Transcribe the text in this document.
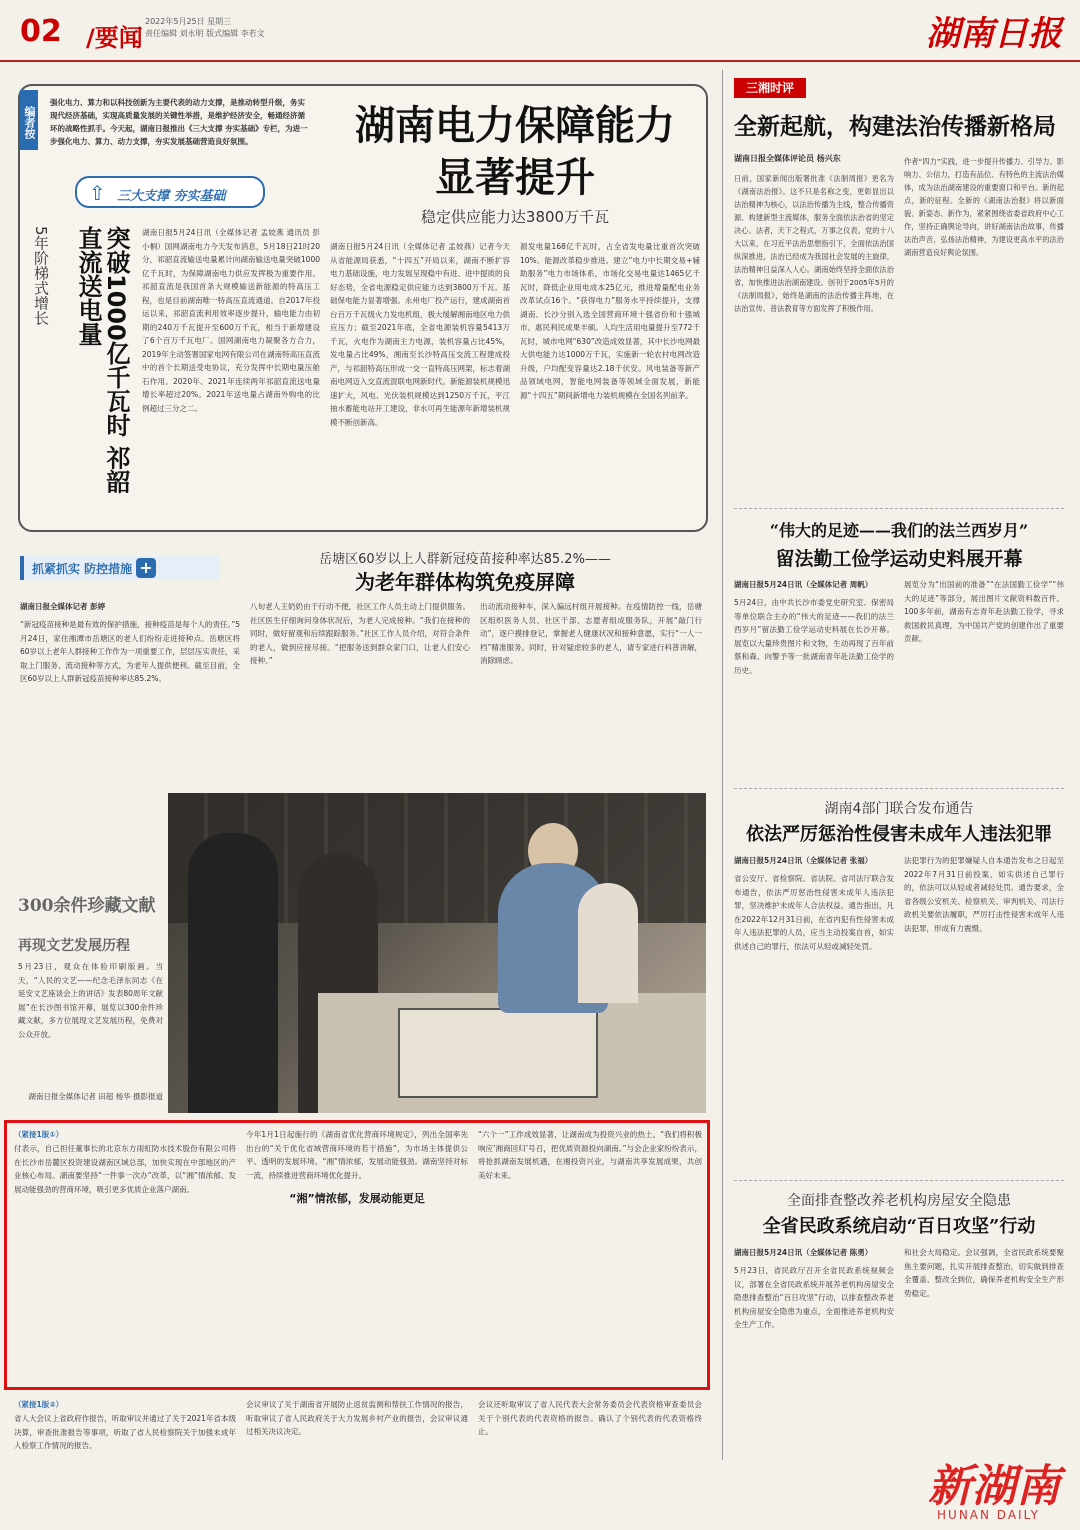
02 /要闻
2022年5月25日 星期三
责任编辑 刘永明 版式编辑 李若文	湖南日报
编者按
强化电力、算力和以科技创新为主要代表的动力支撑，是推动转型升级，务实现代经济基础，实现高质量发展的关键性举措，是维护经济安全，畅通经济循环的战略性抓手。今天起，湖南日报推出《三大支撑 夯实基础》专栏，为进一步强化电力、算力、动力支撑，夯实发展基础营造良好氛围。	湖南电力保障能力
显著提升
稳定供应能力达3800万千瓦
⇧ 三大支撑 夯实基础
突破1000亿千瓦时 祁韶直流送电量
5年阶梯式增长	湖南日报5月24日讯（全媒体记者 孟姣燕 通讯员 彭小桐）国网湖南电力今天发布消息，5月18日21时20分，祁韶直流输送电量累计向湖南输送电量突破1000亿千瓦时，为保障湖南电力供应发挥极为重要作用。祁韶直流是我国首条大规模输送新能源的特高压工程，也是目前湖南唯一特高压直流通道。自2017年投运以来，祁韶直流利用效率逐步提升，输电能力由初期的240万千瓦提升至600万千瓦，相当于新增建设了6个百万千瓦电厂。国网湖南电力凝聚各方合力，2019年主动签署国家电网有限公司在湖南特高压直流中的首个长期送受电协议，充分发挥中长期电量压舱石作用。2020年、2021年连续两年祁韶直流送电量增长率超过20%。2021年送电量占湖南外购电的比例超过三分之二。
湖南日报5月24日讯（全媒体记者 孟姣燕）记者今天从省能源局获悉，“十四五”开局以来，湖南不断扩容电力基础设施，电力发展呈现稳中有进、进中提质的良好态势，全省电源稳定供应能力达到3800万千瓦。基础保电能力显著增强。永州电厂投产运行，建成湖南首台百万千瓦级火力发电机组，极大缓解湘南地区电力供应压力；截至2021年底，全省电源装机容量5413万千瓦，火电作为湖南主力电源，装机容量占比45%，发电量占比49%，湘南至长沙特高压交流工程建成投产，与祁韶特高压形成一交一直特高压网架，标志着湖南电网迈入交直流混联电网新时代。新能源装机规模迅速扩大，风电、光伏装机规模达到1250万千瓦，平江抽水蓄能电站开工建设，非水可再生能源年新增装机规模不断创新高。
源发电量168亿千瓦时，占全省发电量比重首次突破10%。能源改革稳步推进。建立“电力中长期交易+辅助服务”电力市场体系，市场化交易电量达1465亿千瓦时，降低企业用电成本25亿元，推进增量配电业务改革试点16个。“获得电力”服务水平持续提升，支撑湖南、长沙分别入选全国营商环境十强省份和十强城市。惠民利民成果丰硕。人均生活用电量提升至772千瓦时，城市电网“630”改造成效显著，其中长沙电网最大供电能力达1000万千瓦，实施新一轮农村电网改造升级，户均配变容量达2.18千伏安。风电装备等新产品领域电网，智能电网装备等领域全面发展，新能源“十四五”期间新增电力装机规模在全国名列前茅。
三湘时评
全新起航，构建法治传播新格局
湖南日报全媒体评论员 杨兴东
日前，国家新闻出版署批准《法制周报》更名为《湖南法治报》。这不只是名称之变，更彰显出以法治精神为核心，以法治传播为主线，整合传播资源、构建新型主流媒体，服务全面依法治省的坚定决心。法者，天下之程式，万事之仪表。党的十八大以来，在习近平法治思想指引下，全面依法治国纵深推进，法治已经成为我国社会发展的主旋律，法治精神日益深入人心。湖南始终坚持全面依法治省，加快推进法治湖南建设。创刊于2005年5月的《法制周报》，始终是湖南的法治传播主阵地，在法治宣传、普法教育等方面发挥了积极作用。
作者“四力”实践，进一步提升传播力、引导力、影响力、公信力，打造有品位、有特色的主流法治媒体，成为法治湖南建设的重要窗口和平台。新的起点，新的征程。全新的《湖南法治报》将以新面貌、新姿态、新作为，紧紧围绕省委省政府中心工作，坚持正确舆论导向，讲好湖南法治故事，传播法治声音，弘扬法治精神，为建设更高水平的法治湖南营造良好舆论氛围。
“伟大的足迹——我们的法兰西岁月”
留法勤工俭学运动史料展开幕
湖南日报5月24日讯（全媒体记者 周帆）
5月24日，由中共长沙市委党史研究室、保密局等单位联合主办的“伟大的足迹——我们的法兰西岁月”留法勤工俭学运动史料展在长沙开幕。展览以大量珍贵图片和文物，生动再现了百年前蔡和森、向警予等一批湖南青年赴法勤工俭学的历史。
展览分为“出国前的准备”“在法国勤工俭学”“伟大的足迹”等部分，展出图片文献资料数百件。100多年前，湖南有志青年赴法勤工俭学，寻求救国救民真理，为中国共产党的创建作出了重要贡献。
湖南4部门联合发布通告
依法严厉惩治性侵害未成年人违法犯罪
湖南日报5月24日讯（全媒体记者 张福）
省公安厅、省检察院、省法院、省司法厅联合发布通告，依法严厉惩治性侵害未成年人违法犯罪，坚决维护未成年人合法权益。通告指出，凡在2022年12月31日前，在省内犯有性侵害未成年人违法犯罪的人员，应当主动投案自首，如实供述自己的罪行，依法可从轻或减轻处罚。
法犯罪行为的犯罪嫌疑人自本通告发布之日起至2022年7月31日前投案，如实供述自己罪行的，依法可以从轻或者减轻处罚。通告要求，全省各级公安机关、检察机关、审判机关、司法行政机关要依法履职，严厉打击性侵害未成年人违法犯罪，形成有力震慑。
全面排查整改养老机构房屋安全隐患
全省民政系统启动“百日攻坚”行动
湖南日报5月24日讯（全媒体记者 陈勇）
5月23日，省民政厅召开全省民政系统视频会议，部署在全省民政系统开展养老机构房屋安全隐患排查整治“百日攻坚”行动，以排查整改养老机构房屋安全隐患为重点，全面推进养老机构安全生产工作。
和社会大局稳定。会议强调，全省民政系统要聚焦主要问题，扎实开展排查整治，切实做到排查全覆盖、整改全到位，确保养老机构安全生产形势稳定。
抓紧抓实 防控措施 +	岳塘区60岁以上人群新冠疫苗接种率达85.2%——
为老年群体构筑免疫屏障
湖南日报全媒体记者 彭婷
“新冠疫苗接种是最有效的保护措施，接种疫苗是每个人的责任。”5月24日，家住湘潭市岳塘区的老人们纷纷走进接种点。岳塘区将60岁以上老年人群接种工作作为一项重要工作，层层压实责任，采取上门服务、流动接种等方式，为老年人提供便利。截至目前，全区60岁以上人群新冠疫苗接种率达85.2%。
八旬老人王奶奶由于行动不便，社区工作人员主动上门提供服务。社区医生仔细询问身体状况后，为老人完成接种。“我们在接种的同时，做好留观和后续跟踪服务。”社区工作人员介绍，对符合条件的老人，做到应接尽接。“把服务送到群众家门口，让老人们安心接种。”
出动流动接种车，深入偏远村组开展接种。在疫情防控一线，岳塘区组织医务人员、社区干部、志愿者组成服务队，开展“敲门行动”，逐户摸排登记，掌握老人健康状况和接种意愿，实行“一人一档”精准服务。同时，针对疑虑较多的老人，请专家进行科普讲解，消除顾虑。
300余件珍藏文献
再现文艺发展历程
5月23日，观众在体验印刷版画。当天，“人民的文艺——纪念毛泽东同志《在延安文艺座谈会上的讲话》发表80周年文献展”在长沙图书馆开幕，展览以300余件珍藏文献，多方位展现文艺发展历程，免费对公众开放。
湖南日报全媒体记者 田超 杨华 摄影报道
（紧接1版①）
付表示，自己担任董事长的北京东方雨虹防水技术股份有限公司将在长沙市岳麓区投资建设湖南区域总部，加快实现在中部地区的产业核心布局。湖南要坚持“一件事一次办”改革，以“湘”情浓郁、发展动能强劲的营商环境，吸引更多优质企业落户湖南。
今年1月1日起施行的《湖南省优化营商环境规定》，列出全国率先出台的“关于优化省域营商环境的若干措施”，为市场主体提供公平、透明的发展环境。“湘”情浓郁，发展动能强劲。湖南坚持对标一流，持续推进营商环境优化提升。
“湘”情浓郁，发展动能更足
“六个一”工作成效显著，让湖南成为投资兴业的热土。“我们将积极响应‘湘商回归’号召，把优质资源投向湖南。”与会企业家纷纷表示，将抢抓湖南发展机遇，在湘投资兴业，与湖南共享发展成果，共创美好未来。
（紧接1版②）
省人大会议上省政府作报告，听取审议并通过了关于2021年省本级决算，审查批准报告等事项，听取了省人民检察院关于加强未成年人检察工作情况的报告。
会议审议了关于湖南省开展防止返贫监测和帮扶工作情况的报告，听取审议了省人民政府关于大力发展乡村产业的报告，会议审议通过相关决议决定。
会议还听取审议了省人民代表大会常务委员会代表资格审查委员会关于个别代表的代表资格的报告。确认了个别代表的代表资格终止。
新湖南
HUNAN DAILY
